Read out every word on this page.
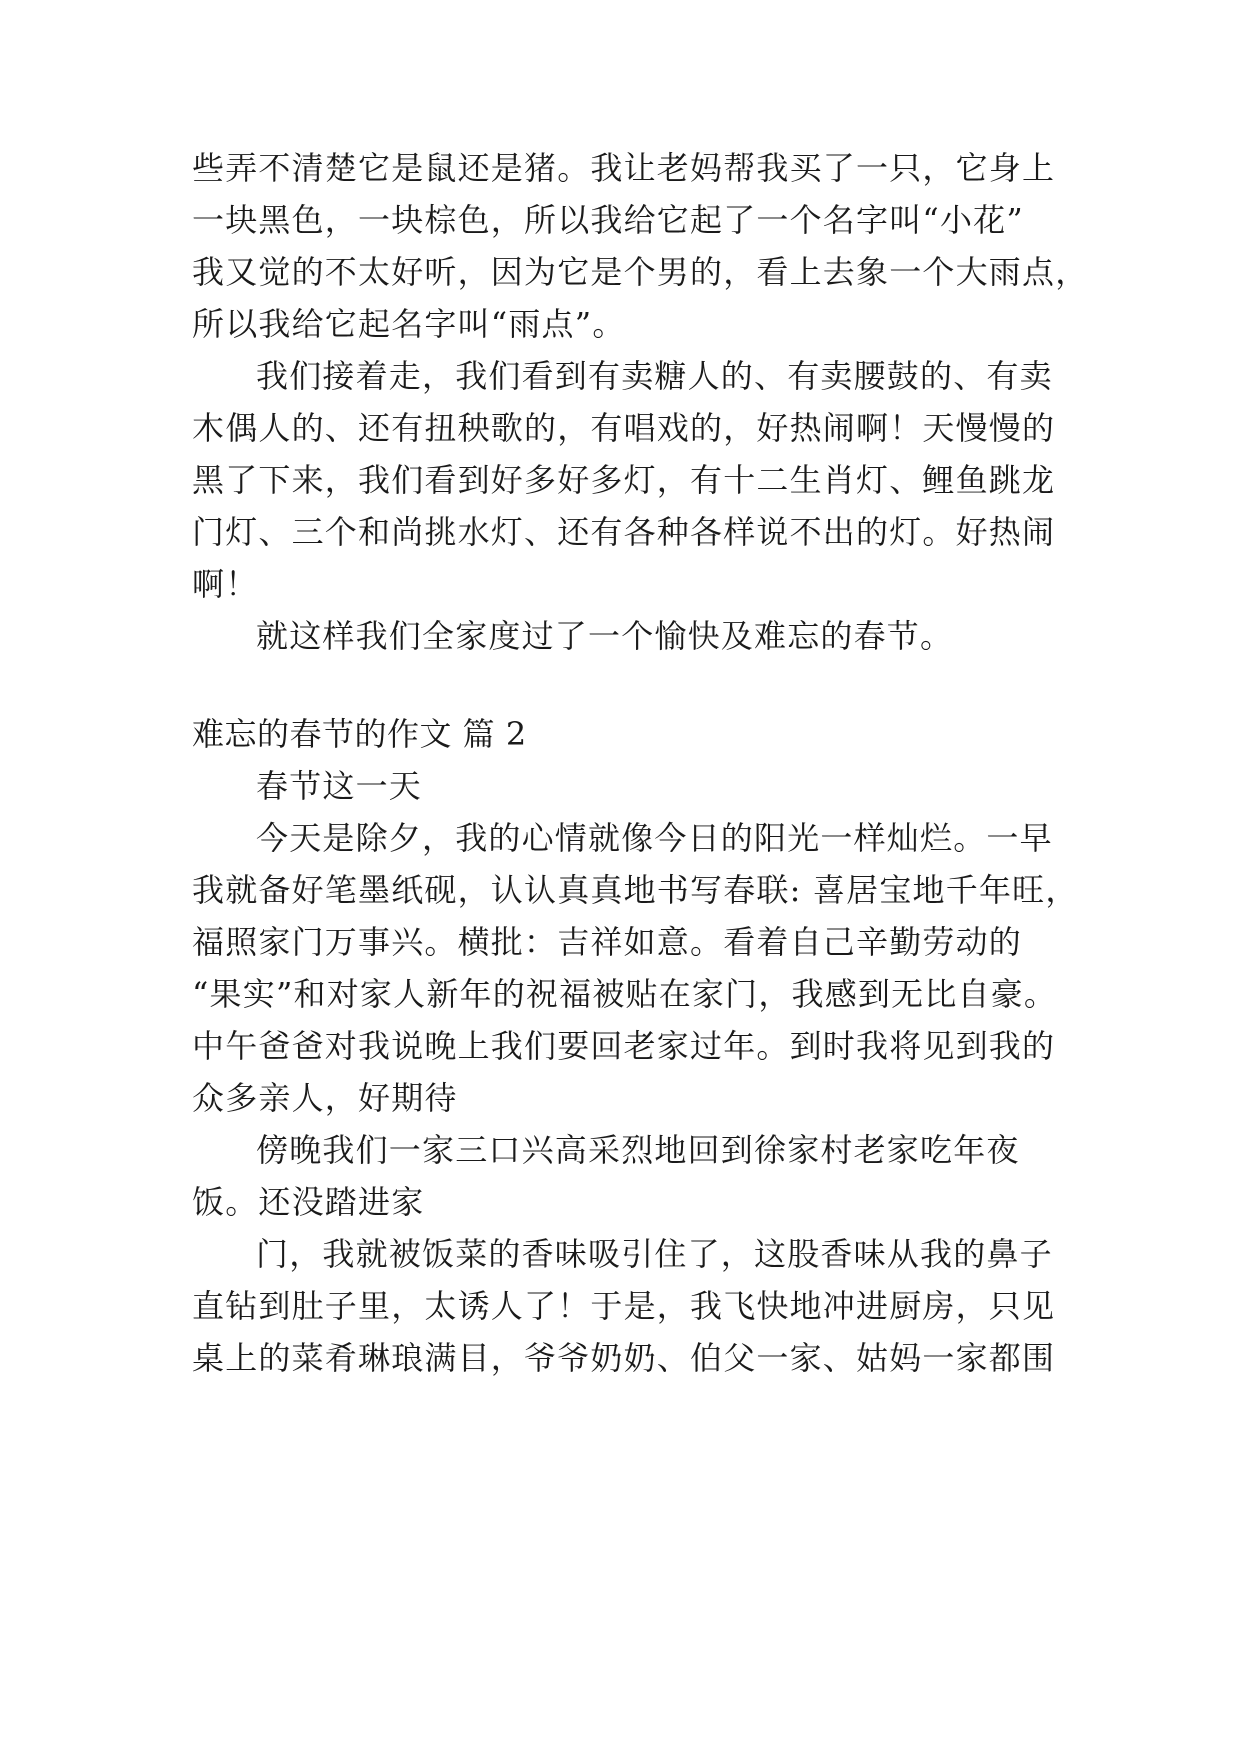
些弄不清楚它是鼠还是猪。我让老妈帮我买了一只，它身上
一块黑色，一块棕色，所以我给它起了一个名字叫“小花”
我又觉的不太好听，因为它是个男的，看上去象一个大雨点，
所以我给它起名字叫“雨点”。
我们接着走，我们看到有卖糖人的、有卖腰鼓的、有卖
木偶人的、还有扭秧歌的，有唱戏的，好热闹啊！天慢慢的
黑了下来，我们看到好多好多灯，有十二生肖灯、鲤鱼跳龙
门灯、三个和尚挑水灯、还有各种各样说不出的灯。好热闹
啊！
就这样我们全家度过了一个愉快及难忘的春节。
难忘的春节的作文 篇 2
春节这一天
今天是除夕，我的心情就像今日的阳光一样灿烂。一早
我就备好笔墨纸砚，认认真真地书写春联: 喜居宝地千年旺，
福照家门万事兴。横批：吉祥如意。看着自己辛勤劳动的
“果实”和对家人新年的祝福被贴在家门，我感到无比自豪。
中午爸爸对我说晚上我们要回老家过年。到时我将见到我的
众多亲人，好期待
傍晚我们一家三口兴高采烈地回到徐家村老家吃年夜
饭。还没踏进家
门，我就被饭菜的香味吸引住了，这股香味从我的鼻子
直钻到肚子里，太诱人了！于是，我飞快地冲进厨房，只见
桌上的菜肴琳琅满目，爷爷奶奶、伯父一家、姑妈一家都围
